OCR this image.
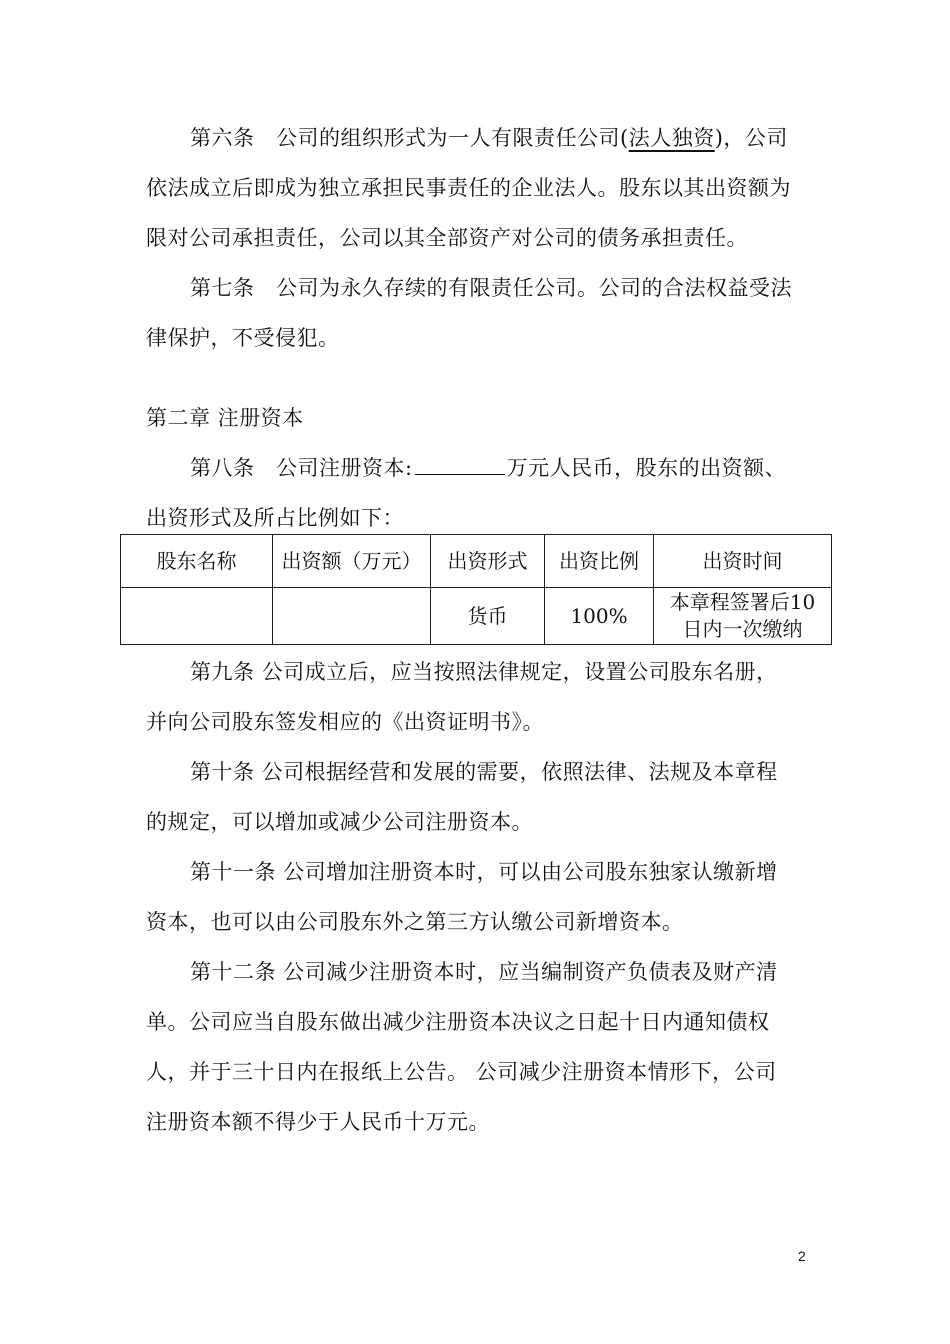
第六条　公司的组织形式为一人有限责任公司(法人独资)，公司
依法成立后即成为独立承担民事责任的企业法人。股东以其出资额为
限对公司承担责任，公司以其全部资产对公司的债务承担责任。
第七条　公司为永久存续的有限责任公司。公司的合法权益受法
律保护，不受侵犯。
第二章 注册资本
第八条　公司注册资本:	万元人民币，股东的出资额、
出资形式及所占比例如下：
股东名称	出资额（万元）	出资形式	出资比例	出资时间
		货币	100%	本章程签署后10日内一次缴纳
第九条 公司成立后，应当按照法律规定，设置公司股东名册，
并向公司股东签发相应的《出资证明书》。
第十条 公司根据经营和发展的需要，依照法律、法规及本章程
的规定，可以增加或减少公司注册资本。
第十一条 公司增加注册资本时，可以由公司股东独家认缴新增
资本，也可以由公司股东外之第三方认缴公司新增资本。
第十二条 公司减少注册资本时，应当编制资产负债表及财产清
单。公司应当自股东做出减少注册资本决议之日起十日内通知债权
人，并于三十日内在报纸上公告。 公司减少注册资本情形下，公司
注册资本额不得少于人民币十万元。
2
